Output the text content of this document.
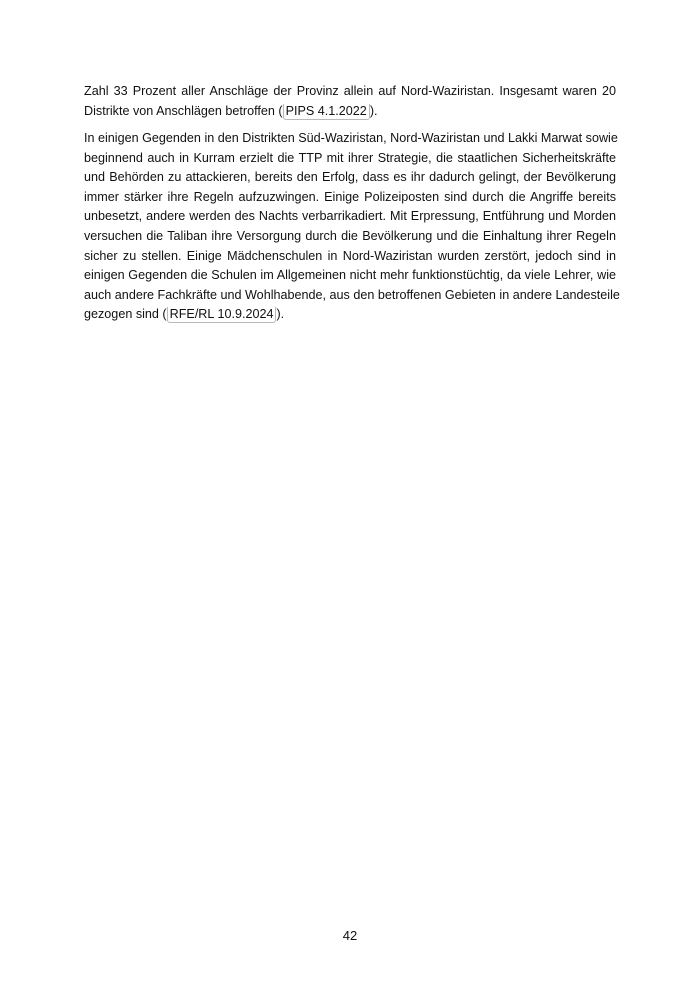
Zahl 33 Prozent aller Anschläge der Provinz allein auf Nord-Waziristan. Insgesamt waren 20
Distrikte von Anschlägen betroffen ( PIPS 4.1.2022 ).
In einigen Gegenden in den Distrikten Süd-Waziristan, Nord-Waziristan und Lakki Marwat sowie
beginnend auch in Kurram erzielt die TTP mit ihrer Strategie, die staatlichen Sicherheitskräfte
und Behörden zu attackieren, bereits den Erfolg, dass es ihr dadurch gelingt, der Bevölkerung
immer stärker ihre Regeln aufzuzwingen. Einige Polizeiposten sind durch die Angriffe bereits
unbesetzt, andere werden des Nachts verbarrikadiert. Mit Erpressung, Entführung und Morden
versuchen die Taliban ihre Versorgung durch die Bevölkerung und die Einhaltung ihrer Regeln
sicher zu stellen. Einige Mädchenschulen in Nord-Waziristan wurden zerstört, jedoch sind in
einigen Gegenden die Schulen im Allgemeinen nicht mehr funktionstüchtig, da viele Lehrer, wie
auch andere Fachkräfte und Wohlhabende, aus den betroffenen Gebieten in andere Landesteile
gezogen sind ( RFE/RL 10.9.2024 ).
42
